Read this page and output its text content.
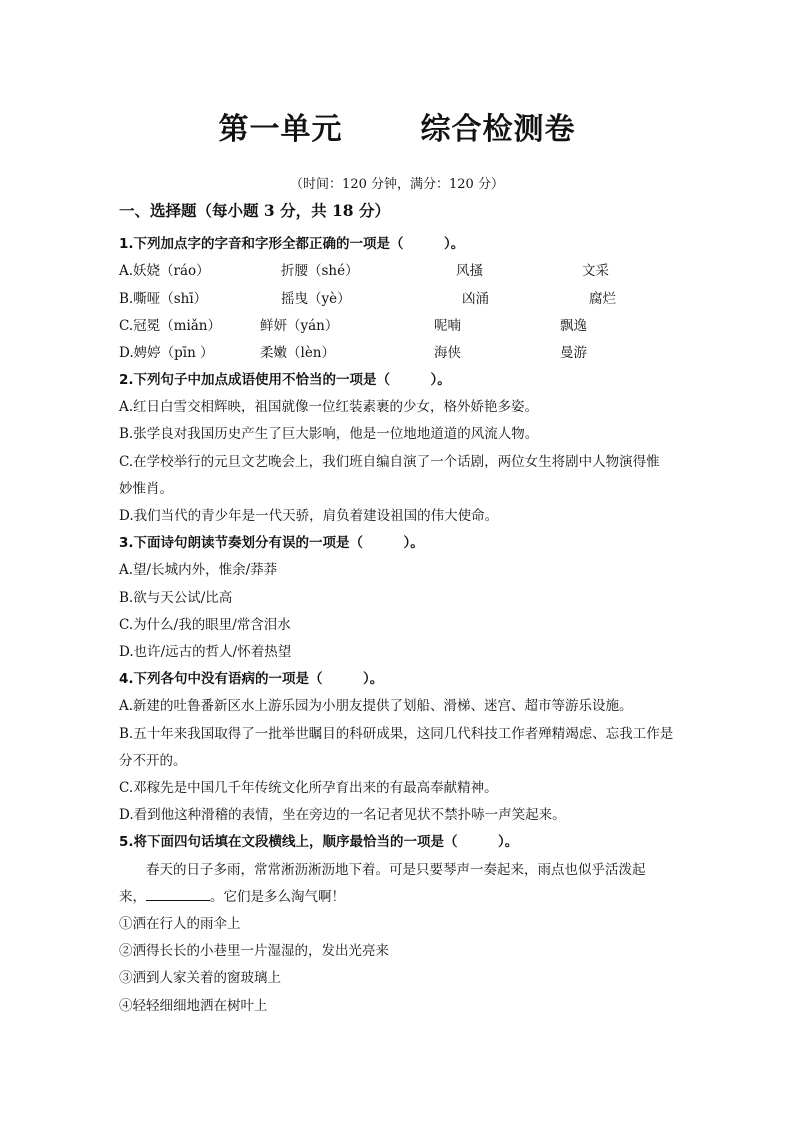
第一单元	综合检测卷
（时间：120 分钟，满分：120 分）
一、选择题（每小题 3 分，共 18 分）
1.下列加点字的字音和字形全都正确的一项是（　　　）。
A.妖娆（ráo）	折腰（shé）	风搔	文采
B.嘶哑（shī）	摇曳（yè）	凶涌	腐烂
C.冠冕（miǎn）	鲜妍（yán）	呢喃	飘逸
D.娉婷（pīn ）	柔嫩（lèn）	海侠	曼游
2.下列句子中加点成语使用不恰当的一项是（　　　）。
A.红日白雪交相辉映，祖国就像一位红装素裹的少女，格外娇艳多姿。
B.张学良对我国历史产生了巨大影响，他是一位地地道道的风流人物。
C.在学校举行的元旦文艺晚会上，我们班自编自演了一个话剧，两位女生将剧中人物演得惟
妙惟肖。
D.我们当代的青少年是一代天骄，肩负着建设祖国的伟大使命。
3.下面诗句朗读节奏划分有误的一项是（　　　）。
A.望/长城内外，惟余/莽莽
B.欲与天公试/比高
C.为什么/我的眼里/常含泪水
D.也许/远古的哲人/怀着热望
4.下列各句中没有语病的一项是（　　　）。
A.新建的吐鲁番新区水上游乐园为小朋友提供了划船、滑梯、迷宫、超市等游乐设施。
B.五十年来我国取得了一批举世瞩目的科研成果，这同几代科技工作者殚精竭虑、忘我工作是
分不开的。
C.邓稼先是中国几千年传统文化所孕育出来的有最高奉献精神。
D.看到他这种滑稽的表情，坐在旁边的一名记者见状不禁扑哧一声笑起来。
5.将下面四句话填在文段横线上，顺序最恰当的一项是（　　　）。
春天的日子多雨，常常淅沥淅沥地下着。可是只要琴声一奏起来，雨点也似乎活泼起
来，	。它们是多么淘气啊！
①洒在行人的雨伞上
②洒得长长的小巷里一片湿湿的，发出光亮来
③洒到人家关着的窗玻璃上
④轻轻细细地洒在树叶上
